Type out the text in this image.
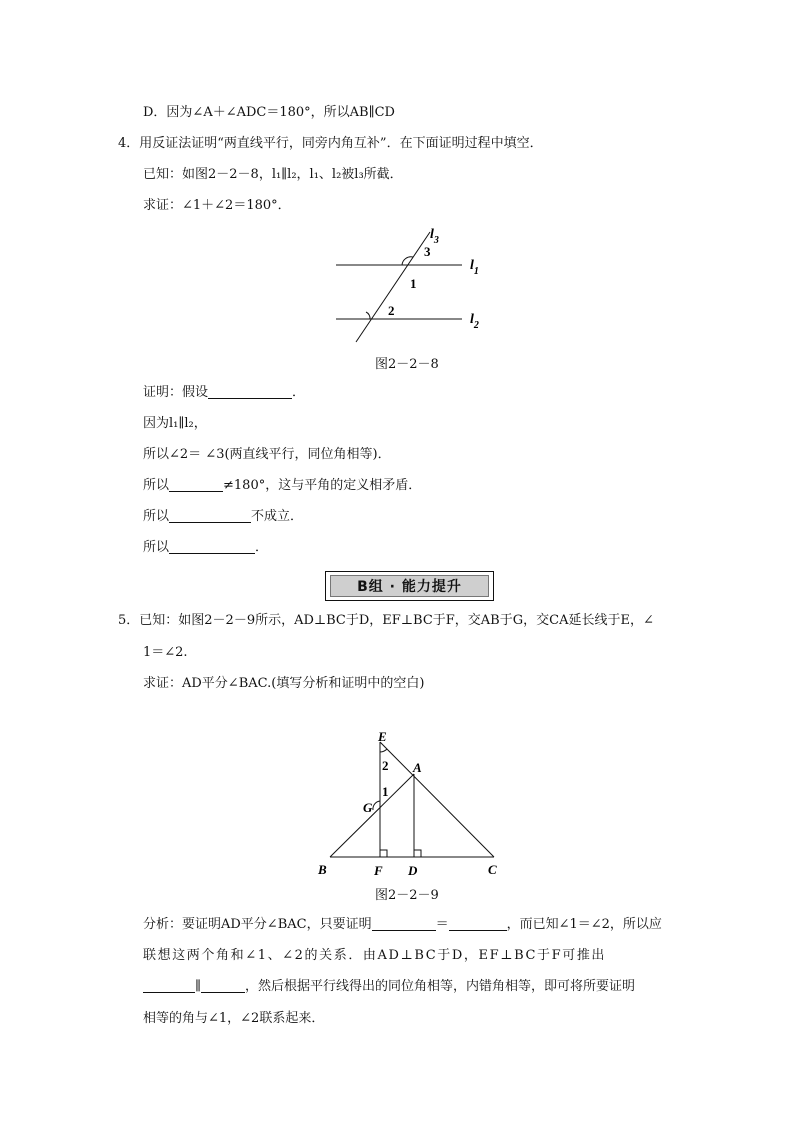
D．因为∠A＋∠ADC＝180°，所以AB∥CD
4．用反证法证明“两直线平行，同旁内角互补”．在下面证明过程中填空．
已知：如图2－2－8，l₁∥l₂，l₁、l₂被l₃所截．
求证：∠1＋∠2＝180°．
$l_3$
$l_1$
$l_2$
3
1
2
图2－2－8
证明：假设	．
因为l₁∥l₂，
所以∠2＝ ∠3(两直线平行，同位角相等)．
所以	≠180°，这与平角的定义相矛盾．
所以	不成立．
所以	．
B组 · 能力提升
5．已知：如图2－2－9所示，AD⊥BC于D，EF⊥BC于F，交AB于G，交CA延长线于E，∠
1＝∠2.
求证：AD平分∠BAC.(填写分析和证明中的空白)
E
A
G
B	F D	C
2
1
图2－2－9
分析：要证明AD平分∠BAC，只要证明	＝	，而已知∠1＝∠2，所以应
联想这两个角和∠1、∠2的关系．由AD⊥BC于D，EF⊥BC于F可推出
∥	，然后根据平行线得出的同位角相等，内错角相等，即可将所要证明
相等的角与∠1，∠2联系起来．
